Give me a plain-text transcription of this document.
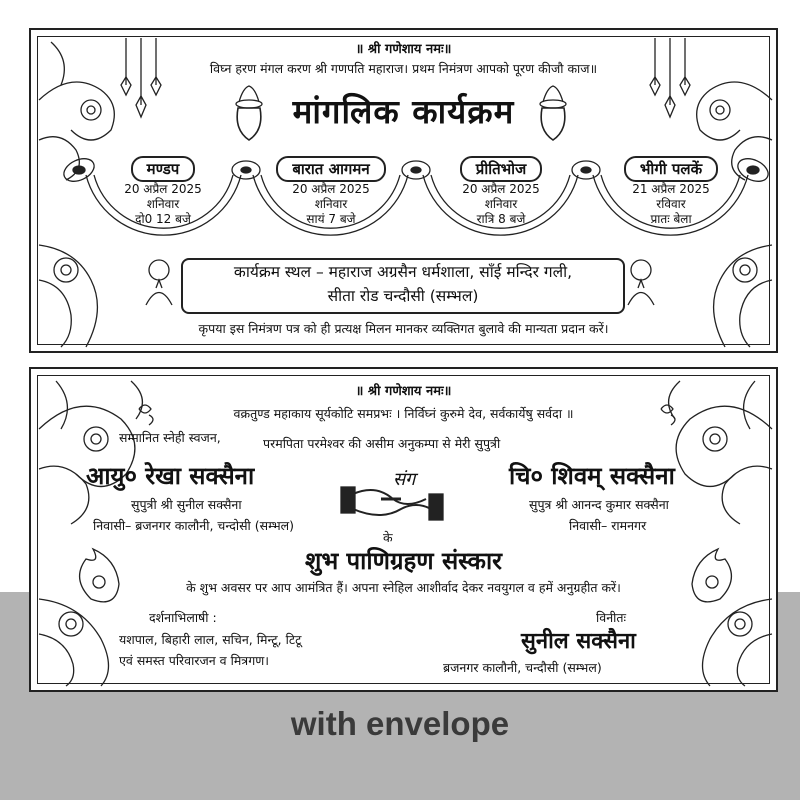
॥ श्री गणेशाय नमः॥
विघ्न हरण मंगल करण श्री गणपति महाराज। प्रथम निमंत्रण आपको पूरण कीजौ काज॥
मांगलिक कार्यक्रम
मण्डप
20 अप्रैल 2025
शनिवार
दो0 12 बजे
बारात आगमन
20 अप्रैल 2025
शनिवार
सायं 7 बजे
प्रीतिभोज
20 अप्रैल 2025
शनिवार
रात्रि 8 बजे
भीगी पलकें
21 अप्रैल 2025
रविवार
प्रातः बेला
कार्यक्रम स्थल – महाराज अग्रसैन धर्मशाला, साँई मन्दिर गली,
सीता रोड चन्दौसी (सम्भल)
कृपया इस निमंत्रण पत्र को ही प्रत्यक्ष मिलन मानकर व्यक्तिगत बुलावे की मान्यता प्रदान करें।
॥ श्री गणेशाय नमः॥
वक्रतुण्ड महाकाय सूर्यकोटि समप्रभः । निर्विघ्नं कुरुमे देव, सर्वकार्येषु सर्वदा ॥
सम्मानित स्नेही स्वजन,	परमपिता परमेश्वर की असीम अनुकम्पा से मेरी सुपुत्री
आयु० रेखा सक्सैना
सुपुत्री श्री सुनील सक्सैना
निवासी– ब्रजनगर कालौनी, चन्दोसी (सम्भल)
संग
के
चि० शिवम् सक्सैना
सुपुत्र श्री आनन्द कुमार सक्सैना
निवासी– रामनगर
शुभ पाणिग्रहण संस्कार
के शुभ अवसर पर आप आमंत्रित हैं। अपना स्नेहिल आशीर्वाद देकर नवयुगल व हमें अनुग्रहीत करें।
दर्शनाभिलाषी :
यशपाल, बिहारी लाल, सचिन, मिन्टू, टिटू
एवं समस्त परिवारजन व मित्रगण।
विनीतः
सुनील सक्सैना
ब्रजनगर कालौनी, चन्दौसी (सम्भल)
with envelope
